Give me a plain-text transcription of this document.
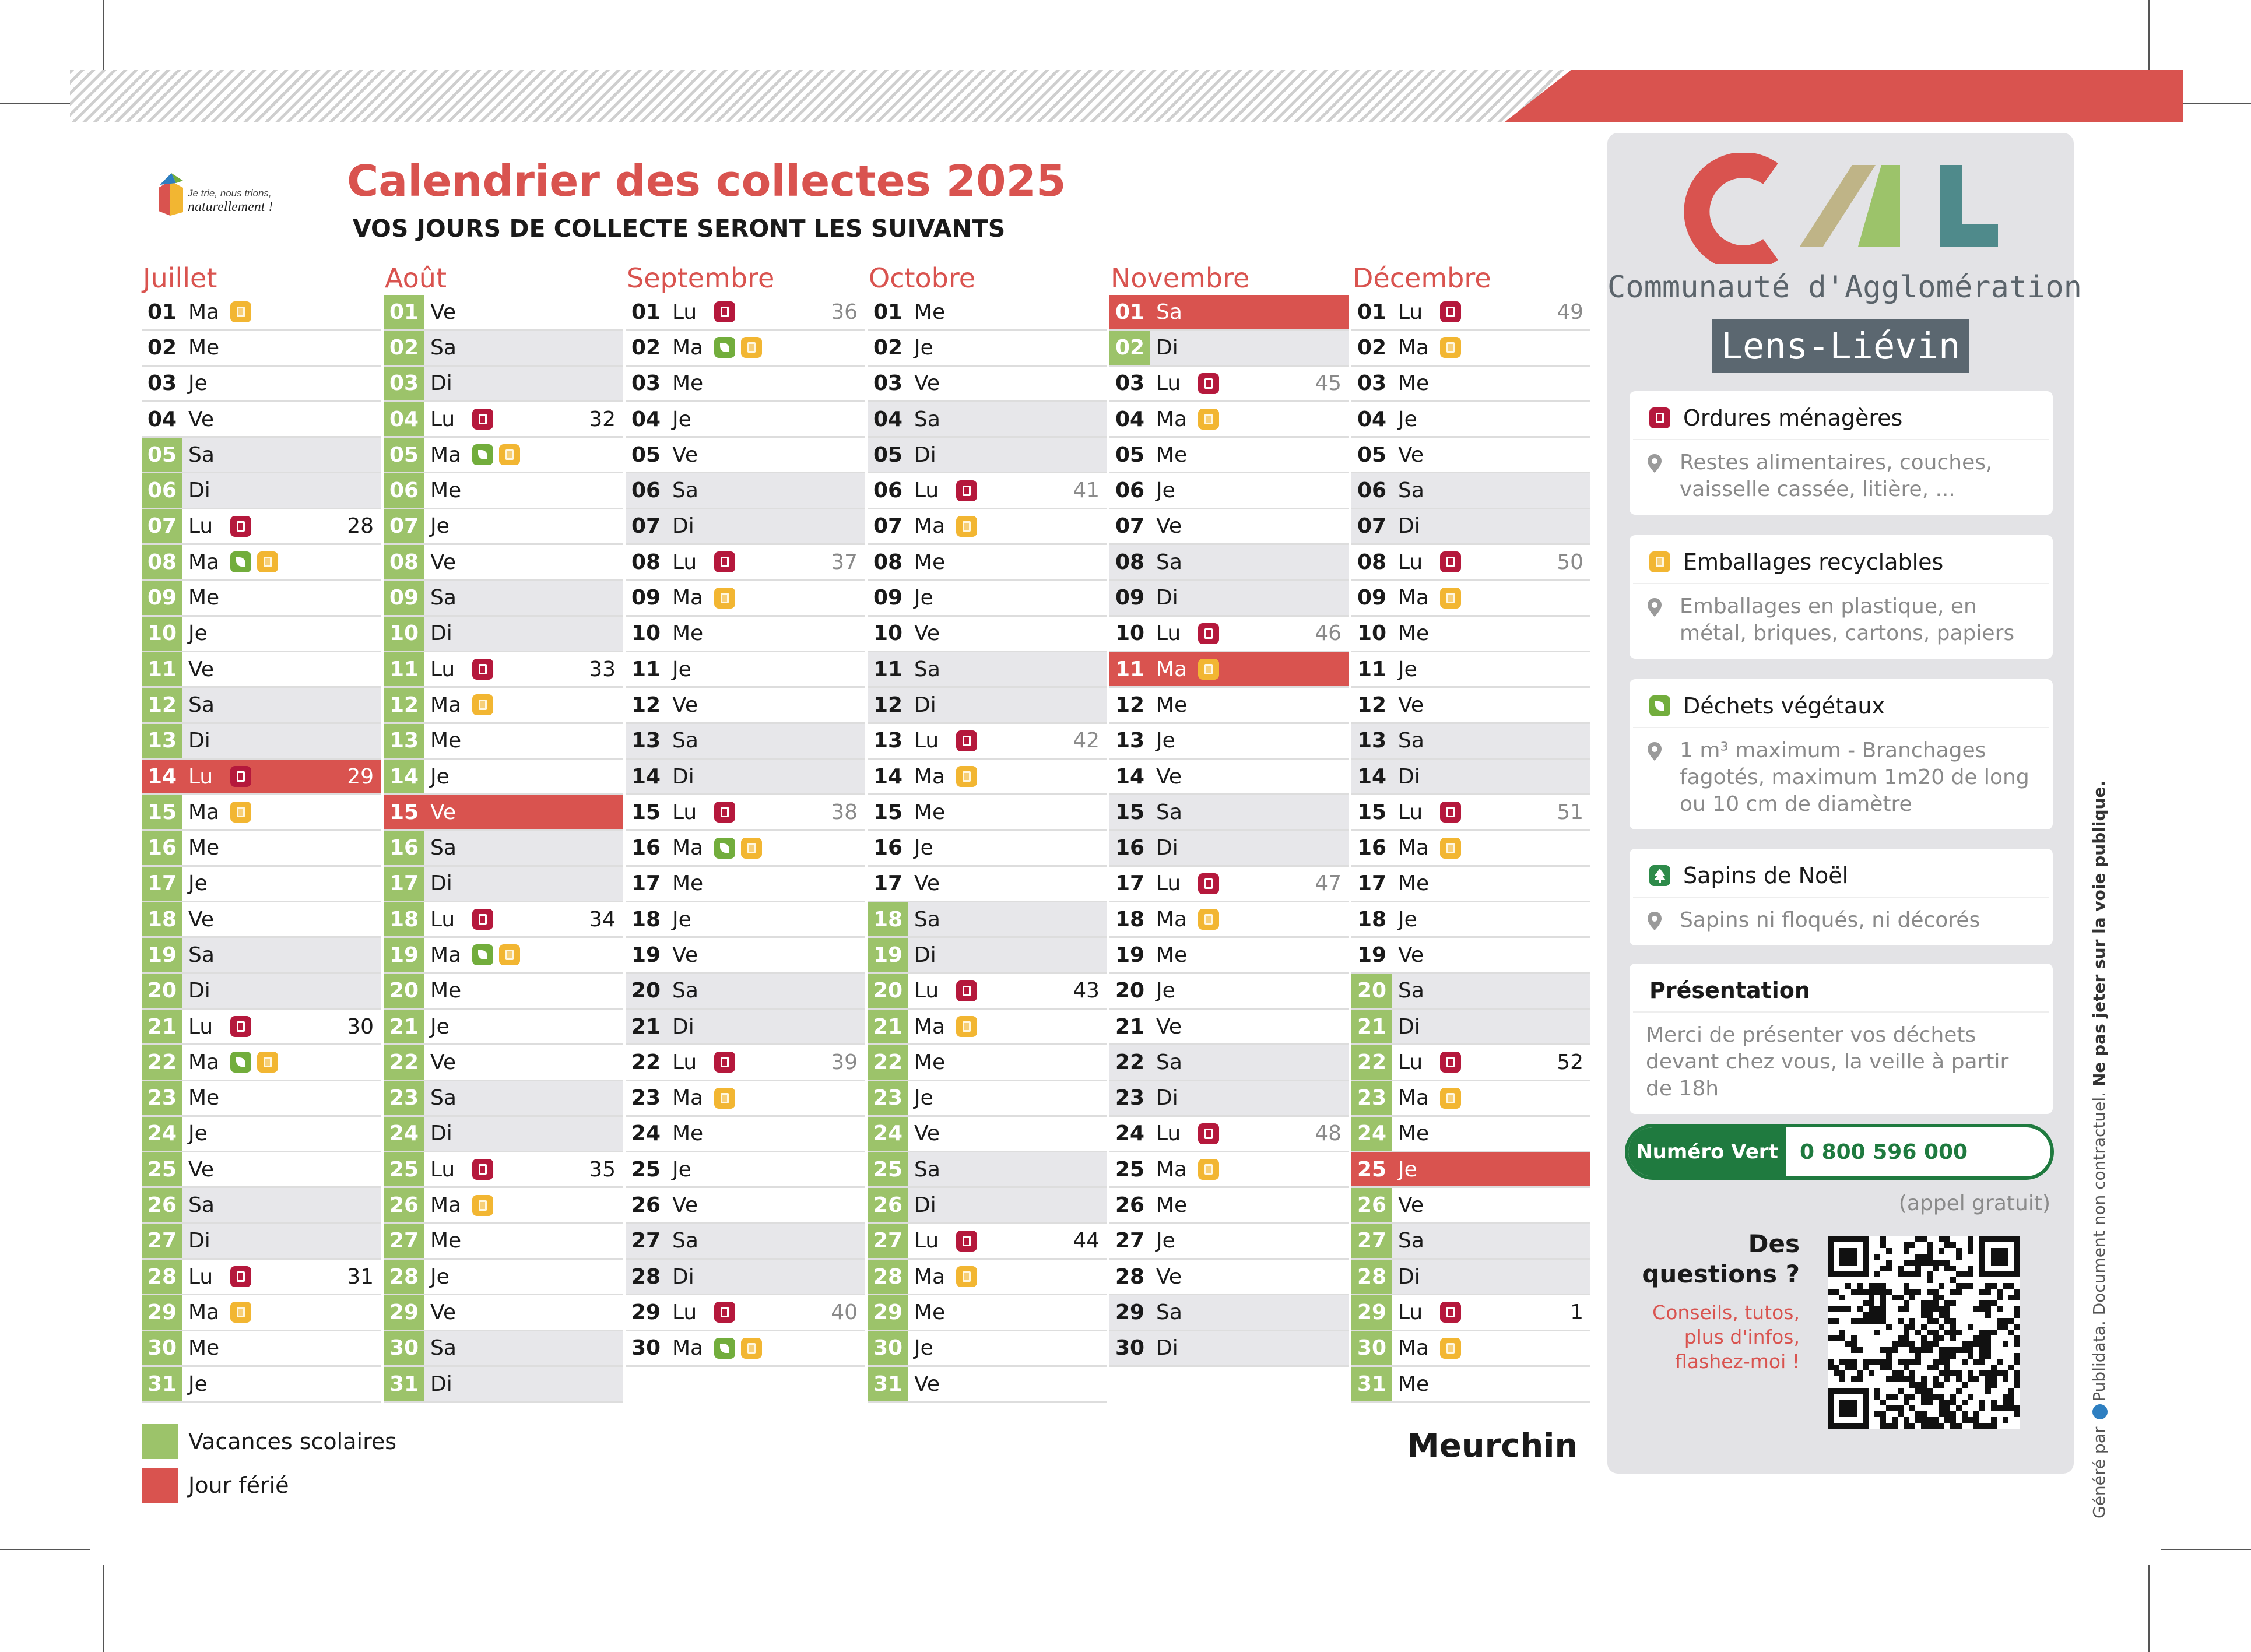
Je trie, nous trions,
naturellement !
Calendrier des collectes 2025
VOS JOURS DE COLLECTE SERONT LES SUIVANTS
Juillet
01 Ma
02 Me
03 Je
04 Ve
05 Sa
06 Di
07 Lu	28
08 Ma
09 Me
10 Je
11 Ve
12 Sa
13 Di
14 Lu	29
15 Ma
16 Me
17 Je
18 Ve
19 Sa
20 Di
21 Lu	30
22 Ma
23 Me
24 Je
25 Ve
26 Sa
27 Di
28 Lu	31
29 Ma
30 Me
31 Je
Août
01 Ve
02 Sa
03 Di
04 Lu	32
05 Ma
06 Me
07 Je
08 Ve
09 Sa
10 Di
11 Lu	33
12 Ma
13 Me
14 Je
15 Ve
16 Sa
17 Di
18 Lu	34
19 Ma
20 Me
21 Je
22 Ve
23 Sa
24 Di
25 Lu	35
26 Ma
27 Me
28 Je
29 Ve
30 Sa
31 Di
Septembre
01 Lu	36
02 Ma
03 Me
04 Je
05 Ve
06 Sa
07 Di
08 Lu	37
09 Ma
10 Me
11 Je
12 Ve
13 Sa
14 Di
15 Lu	38
16 Ma
17 Me
18 Je
19 Ve
20 Sa
21 Di
22 Lu	39
23 Ma
24 Me
25 Je
26 Ve
27 Sa
28 Di
29 Lu	40
30 Ma
Octobre
01 Me
02 Je
03 Ve
04 Sa
05 Di
06 Lu	41
07 Ma
08 Me
09 Je
10 Ve
11 Sa
12 Di
13 Lu	42
14 Ma
15 Me
16 Je
17 Ve
18 Sa
19 Di
20 Lu	43
21 Ma
22 Me
23 Je
24 Ve
25 Sa
26 Di
27 Lu	44
28 Ma
29 Me
30 Je
31 Ve
Novembre
01 Sa
02 Di
03 Lu	45
04 Ma
05 Me
06 Je
07 Ve
08 Sa
09 Di
10 Lu	46
11 Ma
12 Me
13 Je
14 Ve
15 Sa
16 Di
17 Lu	47
18 Ma
19 Me
20 Je
21 Ve
22 Sa
23 Di
24 Lu	48
25 Ma
26 Me
27 Je
28 Ve
29 Sa
30 Di
Décembre
01 Lu	49
02 Ma
03 Me
04 Je
05 Ve
06 Sa
07 Di
08 Lu	50
09 Ma
10 Me
11 Je
12 Ve
13 Sa
14 Di
15 Lu	51
16 Ma
17 Me
18 Je
19 Ve
20 Sa
21 Di
22 Lu	52
23 Ma
24 Me
25 Je
26 Ve
27 Sa
28 Di
29 Lu	1
30 Ma
31 Me
Vacances scolaires
Jour férié
Meurchin
Communauté d'Agglomération
Lens-Liévin
Ordures ménagères
Restes alimentaires, couches, vaisselle cassée, litière, ...
Emballages recyclables
Emballages en plastique, en métal, briques, cartons, papiers
Déchets végétaux
1 m³ maximum - Branchages fagotés, maximum 1m20 de long ou 10 cm de diamètre
Sapins de Noël
Sapins ni floqués, ni décorés
Présentation
Merci de présenter vos déchets devant chez vous, la veille à partir de 18h
Numéro Vert	0 800 596 000
(appel gratuit)
Des questions ?
Conseils, tutos, plus d'infos, flashez-moi !
Généré par Publidata. Document non contractuel. Ne pas jeter sur la voie publique.
